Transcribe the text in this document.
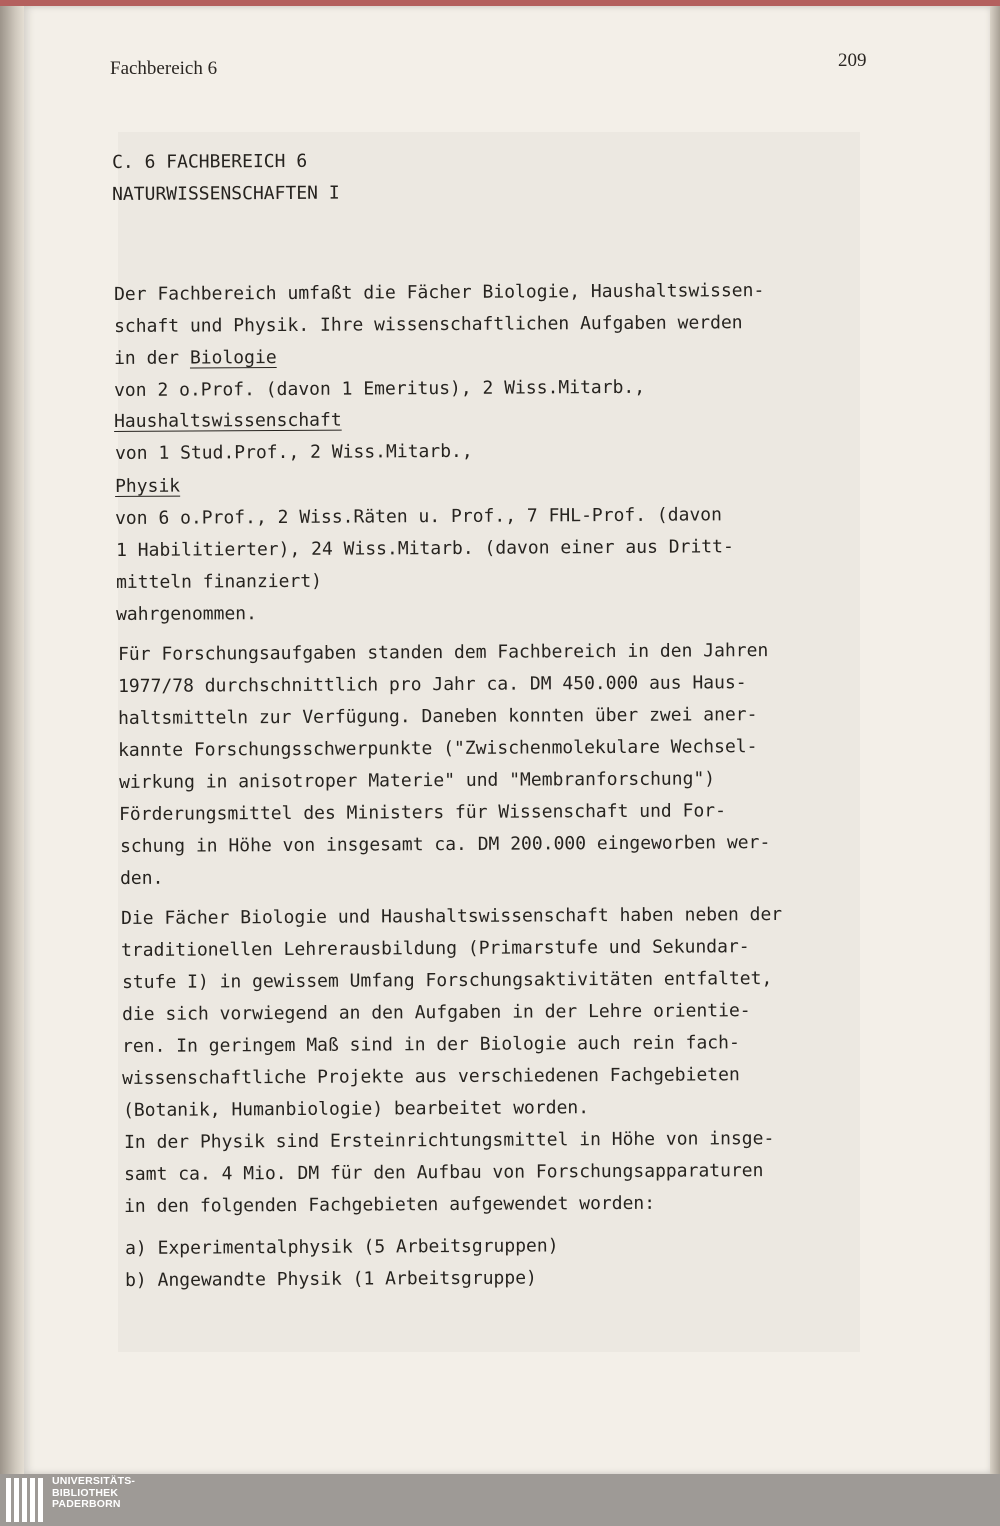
Fachbereich 6	209
C. 6 FACHBEREICH 6
NATURWISSENSCHAFTEN I
Der Fachbereich umfaßt die Fächer Biologie, Haushaltswissen-
schaft und Physik. Ihre wissenschaftlichen Aufgaben werden
in der Biologie
von 2 o.Prof. (davon 1 Emeritus), 2 Wiss.Mitarb.,
Haushaltswissenschaft
von 1 Stud.Prof., 2 Wiss.Mitarb.,
Physik
von 6 o.Prof., 2 Wiss.Räten u. Prof., 7 FHL-Prof. (davon
1 Habilitierter), 24 Wiss.Mitarb. (davon einer aus Dritt-
mitteln finanziert)
wahrgenommen.
Für Forschungsaufgaben standen dem Fachbereich in den Jahren
1977/78 durchschnittlich pro Jahr ca. DM 450.000 aus Haus-
haltsmitteln zur Verfügung. Daneben konnten über zwei aner-
kannte Forschungsschwerpunkte ("Zwischenmolekulare Wechsel-
wirkung in anisotroper Materie" und "Membranforschung")
Förderungsmittel des Ministers für Wissenschaft und For-
schung in Höhe von insgesamt ca. DM 200.000 eingeworben wer-
den.
Die Fächer Biologie und Haushaltswissenschaft haben neben der
traditionellen Lehrerausbildung (Primarstufe und Sekundar-
stufe I) in gewissem Umfang Forschungsaktivitäten entfaltet,
die sich vorwiegend an den Aufgaben in der Lehre orientie-
ren. In geringem Maß sind in der Biologie auch rein fach-
wissenschaftliche Projekte aus verschiedenen Fachgebieten
(Botanik, Humanbiologie) bearbeitet worden.
In der Physik sind Ersteinrichtungsmittel in Höhe von insge-
samt ca. 4 Mio. DM für den Aufbau von Forschungsapparaturen
in den folgenden Fachgebieten aufgewendet worden:
a) Experimentalphysik (5 Arbeitsgruppen)
b) Angewandte Physik (1 Arbeitsgruppe)
UNIVERSITÄTS-
BIBLIOTHEK
PADERBORN
